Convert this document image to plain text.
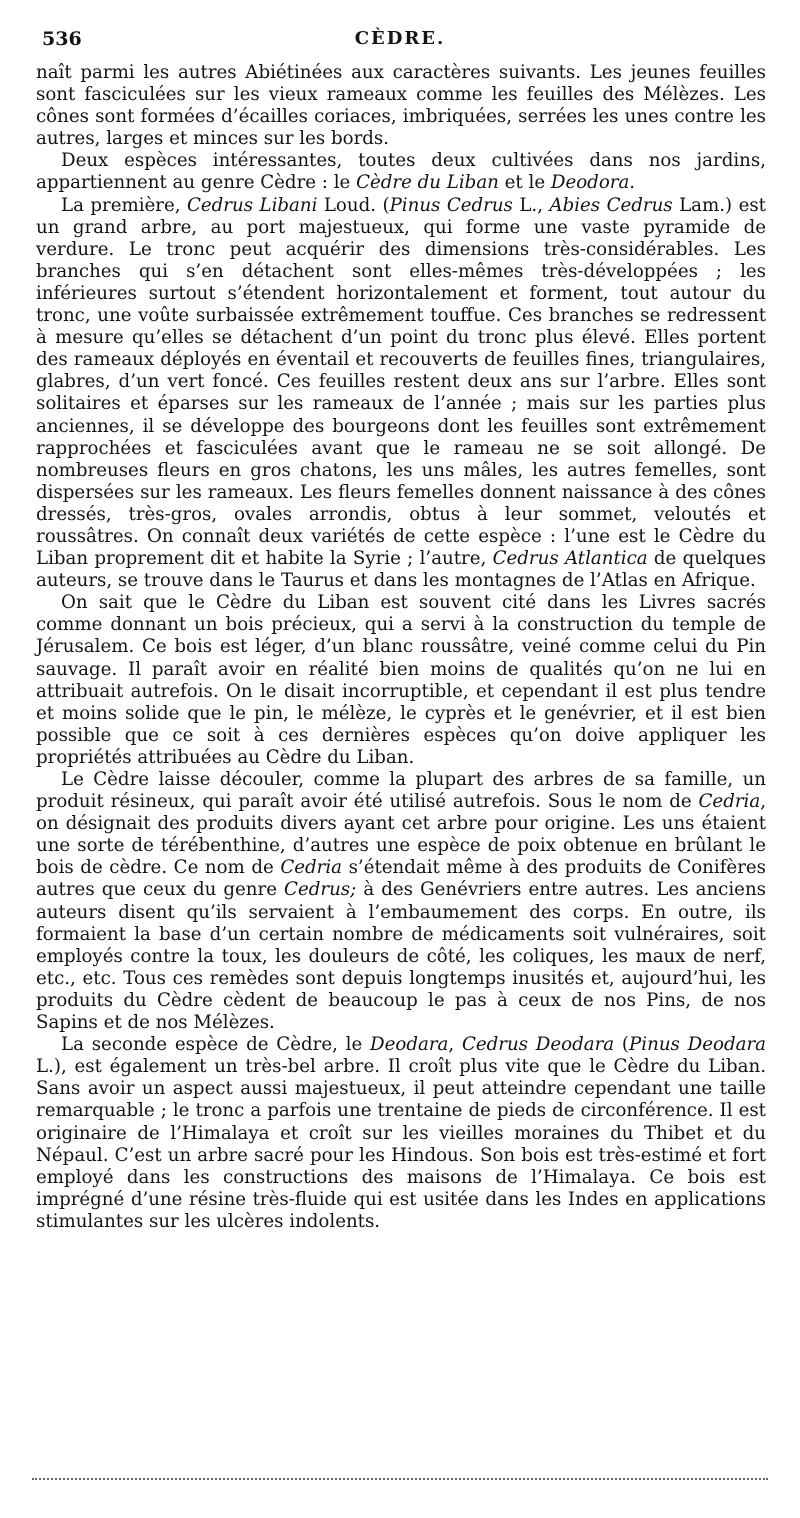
536	CÈDRE.

naît parmi les autres Abiétinées aux caractères suivants. Les jeunes feuilles sont fasciculées sur les vieux rameaux comme les feuilles des Mélèzes. Les cônes sont formées d’écailles coriaces, imbriquées, serrées les unes contre les autres, larges et minces sur les bords.

Deux espèces intéressantes, toutes deux cultivées dans nos jardins, appartiennent au genre Cèdre : le Cèdre du Liban et le Deodora.

La première, Cedrus Libani Loud. (Pinus Cedrus L., Abies Cedrus Lam.) est un grand arbre, au port majestueux, qui forme une vaste pyramide de verdure. Le tronc peut acquérir des dimensions très-considérables. Les branches qui s’en détachent sont elles-mêmes très-développées ; les inférieures surtout s’étendent horizontalement et forment, tout autour du tronc, une voûte surbaissée extrêmement touffue. Ces branches se redressent à mesure qu’elles se détachent d’un point du tronc plus élevé. Elles portent des rameaux déployés en éventail et recouverts de feuilles fines, triangulaires, glabres, d’un vert foncé. Ces feuilles restent deux ans sur l’arbre. Elles sont solitaires et éparses sur les rameaux de l’année ; mais sur les parties plus anciennes, il se développe des bourgeons dont les feuilles sont extrêmement rapprochées et fasciculées avant que le rameau ne se soit allongé. De nombreuses fleurs en gros chatons, les uns mâles, les autres femelles, sont dispersées sur les rameaux. Les fleurs femelles donnent naissance à des cônes dressés, très-gros, ovales arrondis, obtus à leur sommet, veloutés et roussâtres. On connaît deux variétés de cette espèce : l’une est le Cèdre du Liban proprement dit et habite la Syrie ; l’autre, Cedrus Atlantica de quelques auteurs, se trouve dans le Taurus et dans les montagnes de l’Atlas en Afrique.

On sait que le Cèdre du Liban est souvent cité dans les Livres sacrés comme donnant un bois précieux, qui a servi à la construction du temple de Jérusalem. Ce bois est léger, d’un blanc roussâtre, veiné comme celui du Pin sauvage. Il paraît avoir en réalité bien moins de qualités qu’on ne lui en attribuait autrefois. On le disait incorruptible, et cependant il est plus tendre et moins solide que le pin, le mélèze, le cyprès et le genévrier, et il est bien possible que ce soit à ces dernières espèces qu’on doive appliquer les propriétés attribuées au Cèdre du Liban.

Le Cèdre laisse découler, comme la plupart des arbres de sa famille, un produit résineux, qui paraît avoir été utilisé autrefois. Sous le nom de Cedria, on désignait des produits divers ayant cet arbre pour origine. Les uns étaient une sorte de térébenthine, d’autres une espèce de poix obtenue en brûlant le bois de cèdre. Ce nom de Cedria s’étendait même à des produits de Conifères autres que ceux du genre Cedrus; à des Genévriers entre autres. Les anciens auteurs disent qu’ils servaient à l’embaumement des corps. En outre, ils formaient la base d’un certain nombre de médicaments soit vulnéraires, soit employés contre la toux, les douleurs de côté, les coliques, les maux de nerf, etc., etc. Tous ces remèdes sont depuis longtemps inusités et, aujourd’hui, les produits du Cèdre cèdent de beaucoup le pas à ceux de nos Pins, de nos Sapins et de nos Mélèzes.

La seconde espèce de Cèdre, le Deodara, Cedrus Deodara (Pinus Deodara L.), est également un très-bel arbre. Il croît plus vite que le Cèdre du Liban. Sans avoir un aspect aussi majestueux, il peut atteindre cependant une taille remarquable ; le tronc a parfois une trentaine de pieds de circonférence. Il est originaire de l’Himalaya et croît sur les vieilles moraines du Thibet et du Népaul. C’est un arbre sacré pour les Hindous. Son bois est très-estimé et fort employé dans les constructions des maisons de l’Himalaya. Ce bois est imprégné d’une résine très-fluide qui est usitée dans les Indes en applications stimulantes sur les ulcères indolents.
